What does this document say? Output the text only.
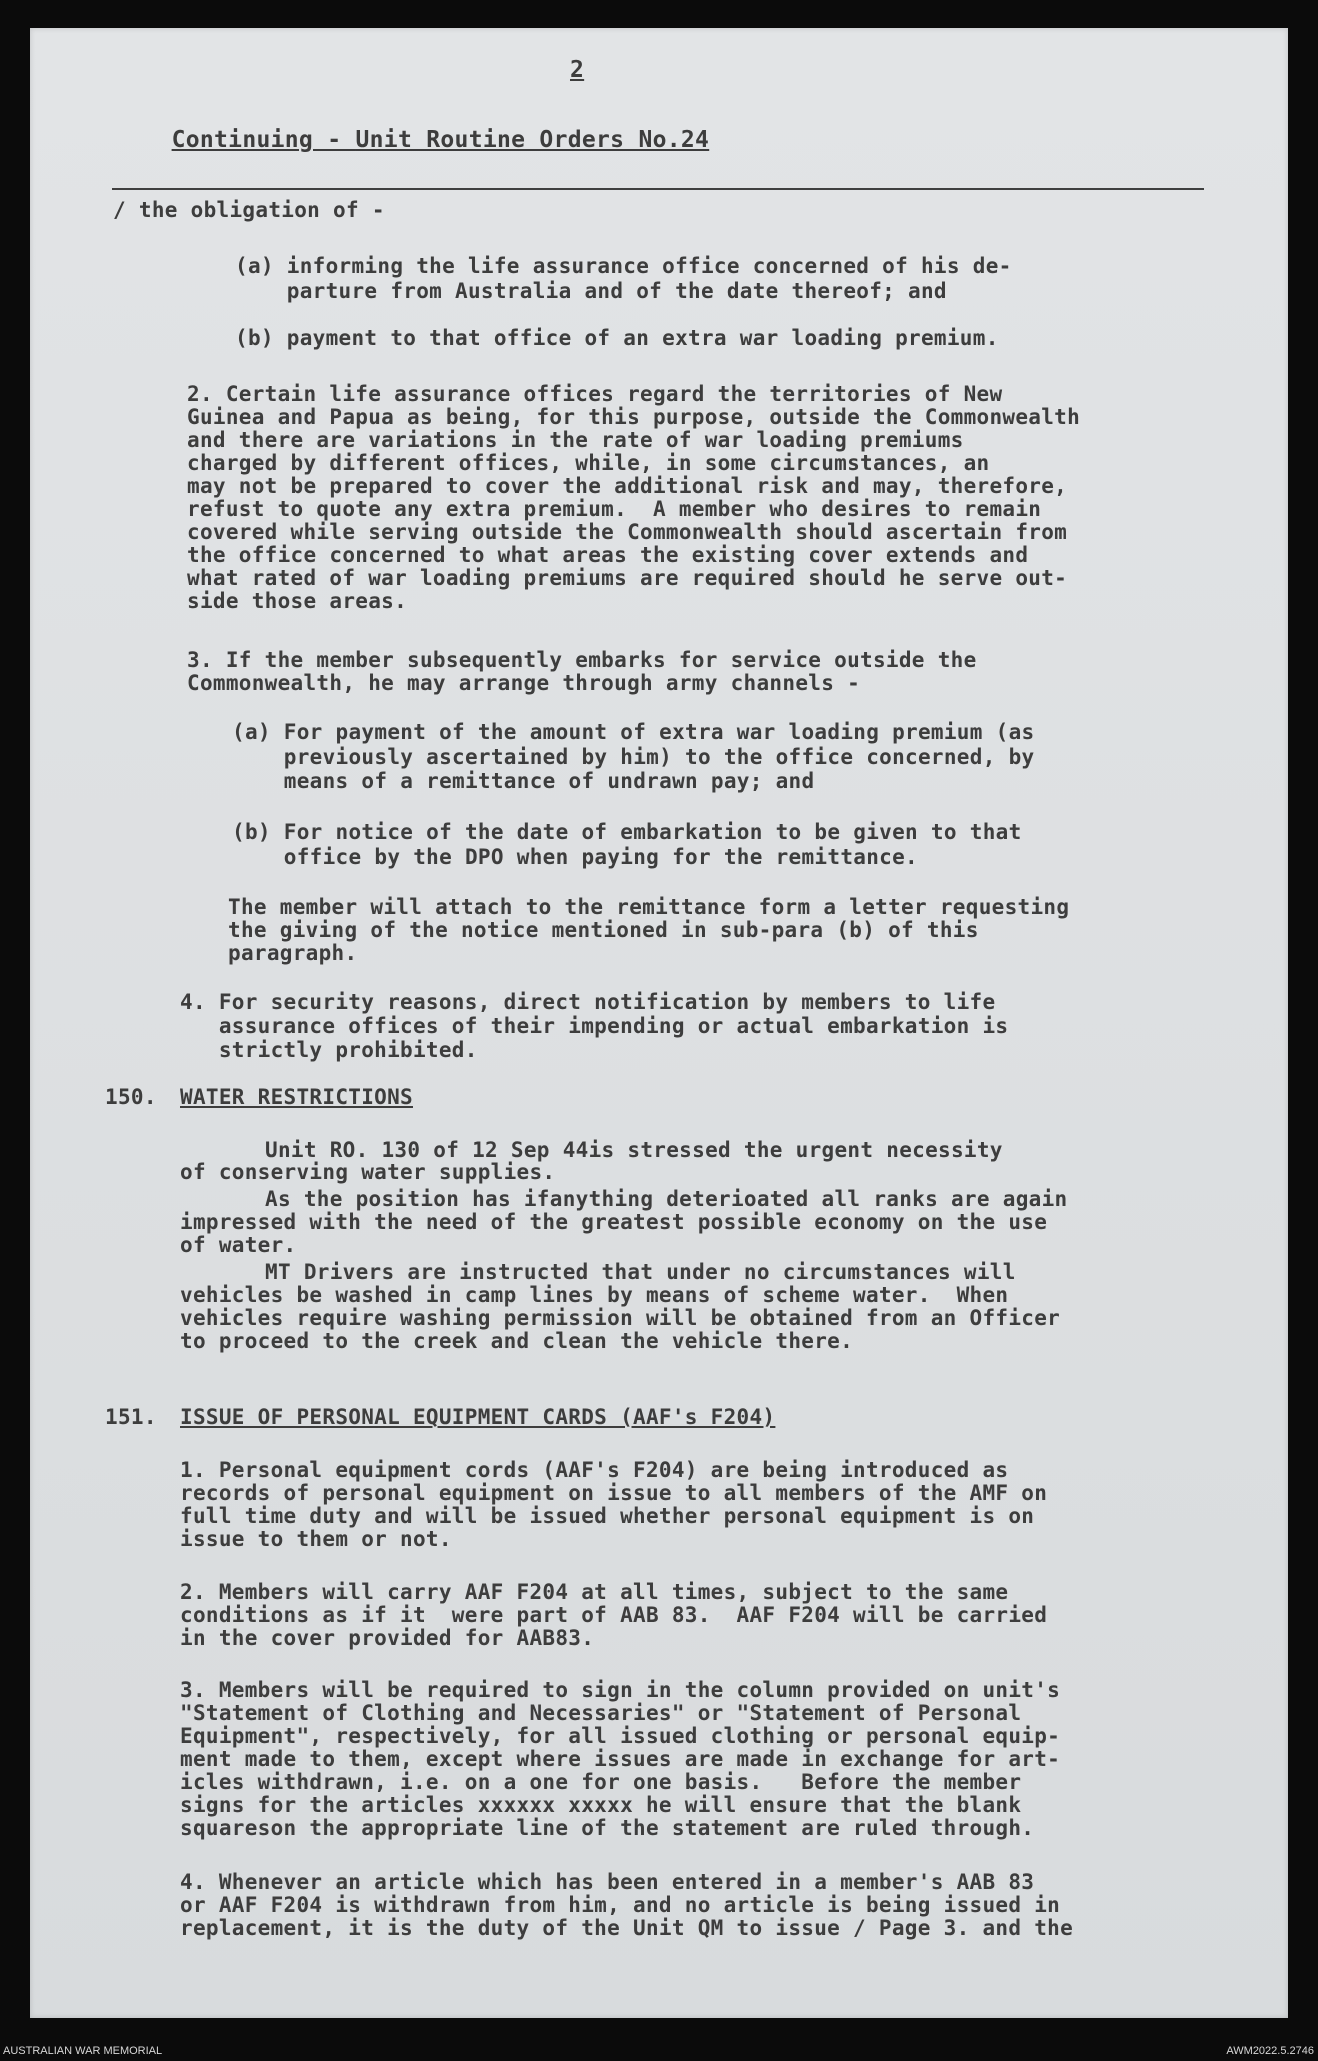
2

Continuing - Unit Routine Orders No.24

/ the obligation of -
(a) informing the life assurance office concerned of his de-
parture from Australia and of the date thereof; and
(b) payment to that office of an extra war loading premium.
2. Certain life assurance offices regard the territories of New
Guinea and Papua as being, for this purpose, outside the Commonwealth
and there are variations in the rate of war loading premiums
charged by different offices, while, in some circumstances, an
may not be prepared to cover the additional risk and may, therefore,
refust to quote any extra premium.  A member who desires to remain
covered while serving outside the Commonwealth should ascertain from
the office concerned to what areas the existing cover extends and
what rated of war loading premiums are required should he serve out-
side those areas.
3. If the member subsequently embarks for service outside the
Commonwealth, he may arrange through army channels -
(a) For payment of the amount of extra war loading premium (as
previously ascertained by him) to the office concerned, by
means of a remittance of undrawn pay; and
(b) For notice of the date of embarkation to be given to that
office by the DPO when paying for the remittance.
The member will attach to the remittance form a letter requesting
the giving of the notice mentioned in sub-para (b) of this
paragraph.
4. For security reasons, direct notification by members to life
assurance offices of their impending or actual embarkation is
strictly prohibited.
150. WATER RESTRICTIONS
Unit RO. 130 of 12 Sep 44is stressed the urgent necessity
of conserving water supplies.
As the position has ifanything deterioated all ranks are again
impressed with the need of the greatest possible economy on the use
of water.
MT Drivers are instructed that under no circumstances will
vehicles be washed in camp lines by means of scheme water.  When
vehicles require washing permission will be obtained from an Officer
to proceed to the creek and clean the vehicle there.
151. ISSUE OF PERSONAL EQUIPMENT CARDS (AAF's F204)
1. Personal equipment cords (AAF's F204) are being introduced as
records of personal equipment on issue to all members of the AMF on
full time duty and will be issued whether personal equipment is on
issue to them or not.
2. Members will carry AAF F204 at all times, subject to the same
conditions as if it  were part of AAB 83.  AAF F204 will be carried
in the cover provided for AAB83.
3. Members will be required to sign in the column provided on unit's
"Statement of Clothing and Necessaries" or "Statement of Personal
Equipment", respectively, for all issued clothing or personal equip-
ment made to them, except where issues are made in exchange for art-
icles withdrawn, i.e. on a one for one basis.   Before the member
signs for the articles xxxxxx xxxxx he will ensure that the blank
squareson the appropriate line of the statement are ruled through.
4. Whenever an article which has been entered in a member's AAB 83
or AAF F204 is withdrawn from him, and no article is being issued in
replacement, it is the duty of the Unit QM to issue / Page 3. and the
AUSTRALIAN WAR MEMORIAL	AWM2022.5.2746
